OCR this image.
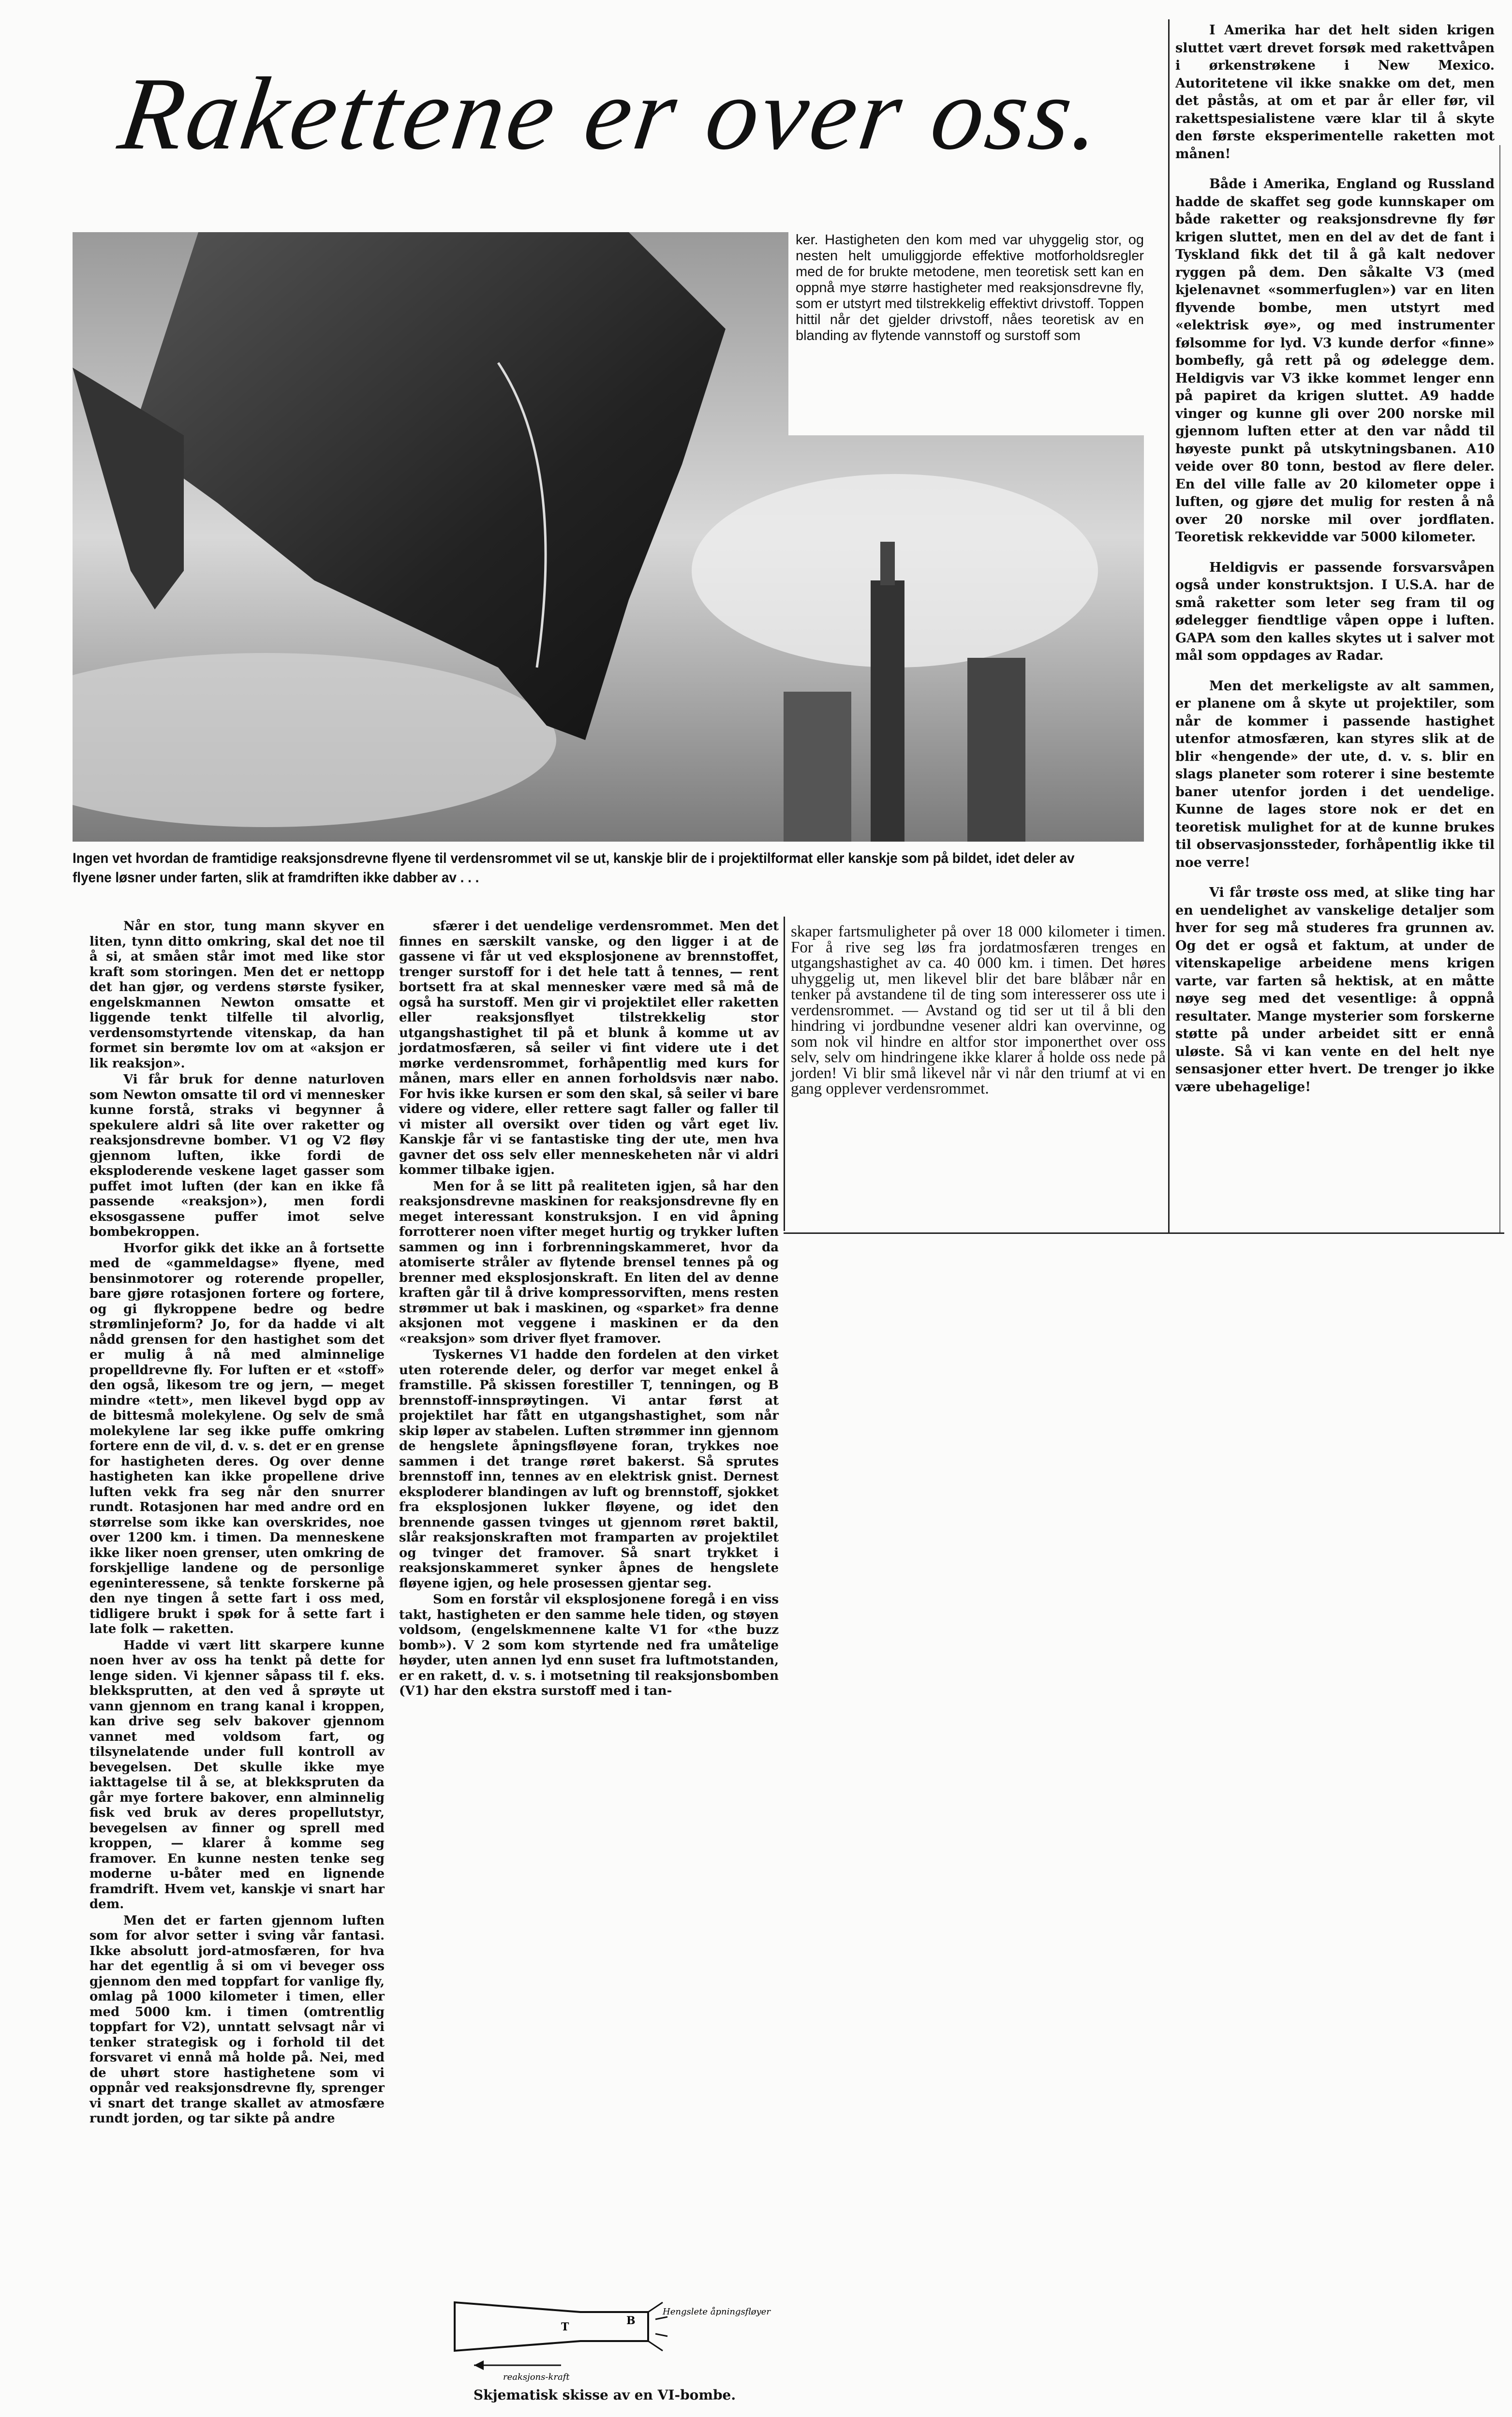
Rakettene er over oss.

ker. Hastigheten den kom med var uhyggelig stor, og nesten helt umuliggjorde effektive motforholdsregler med de for brukte metodene, men teoretisk sett kan en oppnå mye større hastigheter med reaksjonsdrevne fly, som er utstyrt med tilstrekkelig effektivt drivstoff. Toppen hittil når det gjelder drivstoff, nåes teoretisk av en blanding av flytende vannstoff og surstoff som

Ingen vet hvordan de framtidige reaksjonsdrevne flyene til verdensrommet vil se ut, kanskje blir de i projektilformat eller kanskje som på bildet, idet deler av flyene løsner under farten, slik at framdriften ikke dabber av . . .

I Amerika har det helt siden krigen sluttet vært drevet forsøk med rakettvåpen i ørkenstrøkene i New Mexico. Autoritetene vil ikke snakke om det, men det påstås, at om et par år eller før, vil rakettspesialistene være klar til å skyte den første eksperimentelle raketten mot månen!

Både i Amerika, England og Russland hadde de skaffet seg gode kunnskaper om både raketter og reaksjonsdrevne fly før krigen sluttet, men en del av det de fant i Tyskland fikk det til å gå kalt nedover ryggen på dem. Den såkalte V3 (med kjelenavnet «sommerfuglen») var en liten flyvende bombe, men utstyrt med «elektrisk øye», og med instrumenter følsomme for lyd. V3 kunde derfor «finne» bombefly, gå rett på og ødelegge dem. Heldigvis var V3 ikke kommet lenger enn på papiret da krigen sluttet. A9 hadde vinger og kunne gli over 200 norske mil gjennom luften etter at den var nådd til høyeste punkt på utskytningsbanen. A10 veide over 80 tonn, bestod av flere deler. En del ville falle av 20 kilometer oppe i luften, og gjøre det mulig for resten å nå over 20 norske mil over jordflaten. Teoretisk rekkevidde var 5000 kilometer.

Heldigvis er passende forsvarsvåpen også under konstruktsjon. I U.S.A. har de små raketter som leter seg fram til og ødelegger fiendtlige våpen oppe i luften. GAPA som den kalles skytes ut i salver mot mål som oppdages av Radar.

Men det merkeligste av alt sammen, er planene om å skyte ut projektiler, som når de kommer i passende hastighet utenfor atmosfæren, kan styres slik at de blir «hengende» der ute, d. v. s. blir en slags planeter som roterer i sine bestemte baner utenfor jorden i det uendelige. Kunne de lages store nok er det en teoretisk mulighet for at de kunne brukes til observasjonssteder, forhåpentlig ikke til noe verre!

Vi får trøste oss med, at slike ting har en uendelighet av vanskelige detaljer som hver for seg må studeres fra grunnen av. Og det er også et faktum, at under de vitenskapelige arbeidene mens krigen varte, var farten så hektisk, at en måtte nøye seg med det vesentlige: å oppnå resultater. Mange mysterier som forskerne støtte på under arbeidet sitt er ennå uløste. Så vi kan vente en del helt nye sensasjoner etter hvert. De trenger jo ikke være ubehagelige!

Når en stor, tung mann skyver en liten, tynn ditto omkring, skal det noe til å si, at småen står imot med like stor kraft som storingen. Men det er nettopp det han gjør, og verdens største fysiker, engelskmannen Newton omsatte et liggende tenkt tilfelle til alvorlig, verdensomstyrtende vitenskap, da han formet sin berømte lov om at «aksjon er lik reaksjon».

Vi får bruk for denne naturloven som Newton omsatte til ord vi mennesker kunne forstå, straks vi begynner å spekulere aldri så lite over raketter og reaksjonsdrevne bomber. V1 og V2 fløy gjennom luften, ikke fordi de eksploderende veskene laget gasser som puffet imot luften (der kan en ikke få passende «reaksjon»), men fordi eksosgassene puffer imot selve bombekroppen.

Hvorfor gikk det ikke an å fortsette med de «gammeldagse» flyene, med bensinmotorer og roterende propeller, bare gjøre rotasjonen fortere og fortere, og gi flykroppene bedre og bedre strømlinjeform? Jo, for da hadde vi alt nådd grensen for den hastighet som det er mulig å nå med alminnelige propelldrevne fly. For luften er et «stoff» den også, likesom tre og jern, — meget mindre «tett», men likevel bygd opp av de bittesmå molekylene. Og selv de små molekylene lar seg ikke puffe omkring fortere enn de vil, d. v. s. det er en grense for hastigheten deres. Og over denne hastigheten kan ikke propellene drive luften vekk fra seg når den snurrer rundt. Rotasjonen har med andre ord en størrelse som ikke kan overskrides, noe over 1200 km. i timen. Da menneskene ikke liker noen grenser, uten omkring de forskjellige landene og de personlige egeninteressene, så tenkte forskerne på den nye tingen å sette fart i oss med, tidligere brukt i spøk for å sette fart i late folk — raketten.

Hadde vi vært litt skarpere kunne noen hver av oss ha tenkt på dette for lenge siden. Vi kjenner såpass til f. eks. blekksprutten, at den ved å sprøyte ut vann gjennom en trang kanal i kroppen, kan drive seg selv bakover gjennom vannet med voldsom fart, og tilsynelatende under full kontroll av bevegelsen. Det skulle ikke mye iakttagelse til å se, at blekkspruten da går mye fortere bakover, enn alminnelig fisk ved bruk av deres propellutstyr, bevegelsen av finner og sprell med kroppen, — klarer å komme seg framover. En kunne nesten tenke seg moderne u-båter med en lignende framdrift. Hvem vet, kanskje vi snart har dem.

Men det er farten gjennom luften som for alvor setter i sving vår fantasi. Ikke absolutt jord-atmosfæren, for hva har det egentlig å si om vi beveger oss gjennom den med toppfart for vanlige fly, omlag på 1000 kilometer i timen, eller med 5000 km. i timen (omtrentlig toppfart for V2), unntatt selvsagt når vi tenker strategisk og i forhold til det forsvaret vi ennå må holde på. Nei, med de uhørt store hastighetene som vi oppnår ved reaksjonsdrevne fly, sprenger vi snart det trange skallet av atmosfære rundt jorden, og tar sikte på andre

sfærer i det uendelige verdensrommet. Men det finnes en særskilt vanske, og den ligger i at de gassene vi får ut ved eksplosjonene av brennstoffet, trenger surstoff for i det hele tatt å tennes, — rent bortsett fra at skal mennesker være med så må de også ha surstoff. Men gir vi projektilet eller raketten eller reaksjonsflyet tilstrekkelig stor utgangshastighet til på et blunk å komme ut av jordatmosfæren, så seiler vi fint videre ute i det mørke verdensrommet, forhåpentlig med kurs for månen, mars eller en annen forholdsvis nær nabo. For hvis ikke kursen er som den skal, så seiler vi bare videre og videre, eller rettere sagt faller og faller til vi mister all oversikt over tiden og vårt eget liv. Kanskje får vi se fantastiske ting der ute, men hva gavner det oss selv eller menneskeheten når vi aldri kommer tilbake igjen.

Men for å se litt på realiteten igjen, så har den reaksjonsdrevne maskinen for reaksjonsdrevne fly en meget interessant konstruksjon. I en vid åpning forrotterer noen vifter meget hurtig og trykker luften sammen og inn i forbrenningskammeret, hvor da atomiserte stråler av flytende brensel tennes på og brenner med eksplosjonskraft. En liten del av denne kraften går til å drive kompressorviften, mens resten strømmer ut bak i maskinen, og «sparket» fra denne aksjonen mot veggene i maskinen er da den «reaksjon» som driver flyet framover.

Tyskernes V1 hadde den fordelen at den virket uten roterende deler, og derfor var meget enkel å framstille. På skissen forestiller T, tenningen, og B brennstoff-innsprøytingen. Vi antar først at projektilet har fått en utgangshastighet, som når skip løper av stabelen. Luften strømmer inn gjennom de hengslete åpningsfløyene foran, trykkes noe sammen i det trange røret bakerst. Så sprutes brennstoff inn, tennes av en elektrisk gnist. Dernest eksploderer blandingen av luft og brennstoff, sjokket fra eksplosjonen lukker fløyene, og idet den brennende gassen tvinges ut gjennom røret baktil, slår reaksjonskraften mot framparten av projektilet og tvinger det framover. Så snart trykket i reaksjonskammeret synker åpnes de hengslete fløyene igjen, og hele prosessen gjentar seg.

Som en forstår vil eksplosjonene foregå i en viss takt, hastigheten er den samme hele tiden, og støyen voldsom, (engelskmennene kalte V1 for «the buzz bomb»). V 2 som kom styrtende ned fra umåtelige høyder, uten annen lyd enn suset fra luftmotstanden, er en rakett, d. v. s. i motsetning til reaksjonsbomben (V1) har den ekstra surstoff med i tan-

skaper fartsmuligheter på over 18 000 kilometer i timen. For å rive seg løs fra jordatmosfæren trenges en utgangshastighet av ca. 40 000 km. i timen. Det høres uhyggelig ut, men likevel blir det bare blåbær når en tenker på avstandene til de ting som interesserer oss ute i verdensrommet. — Avstand og tid ser ut til å bli den hindring vi jordbundne vesener aldri kan overvinne, og som nok vil hindre en altfor stor imponerthet over oss selv, selv om hindringene ikke klarer å holde oss nede på jorden! Vi blir små likevel når vi når den triumf at vi en gang opplever verdensrommet.

T	B
Hengslete åpningsfløyer
reaksjons-kraft
Skjematisk skisse av en VI-bombe.
